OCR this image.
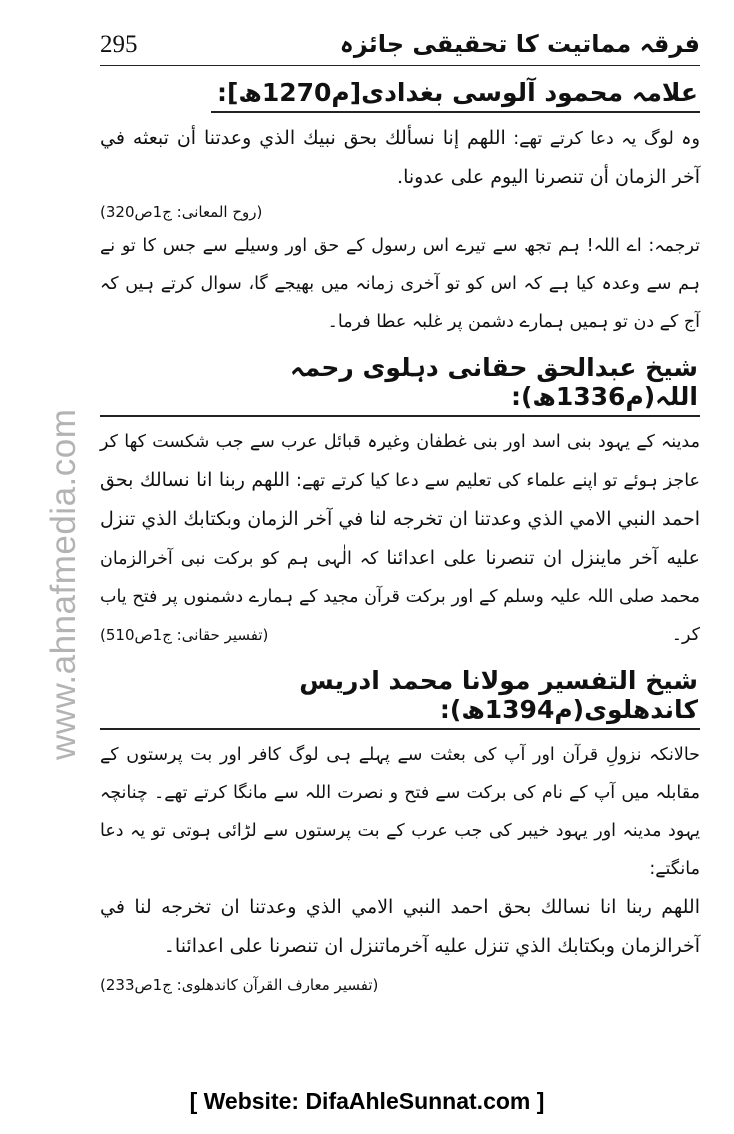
www.ahnafmedia.com
فرقہ مماتیت کا تحقیقی جائزہ
295
علامہ محمود آلوسی بغدادی[م1270ھ]:
وہ لوگ یہ دعا کرتے تھے: اللهم إنا نسألك بحق نبيك الذي وعدتنا أن تبعثه في آخر الزمان أن تنصرنا اليوم على عدونا.
(روح المعانی: ج1ص320)
ترجمہ: اے اللہ! ہم تجھ سے تیرے اس رسول کے حق اور وسیلے سے جس کا تو نے ہم سے وعدہ کیا ہے کہ اس کو تو آخری زمانہ میں بھیجے گا، سوال کرتے ہیں کہ آج کے دن تو ہمیں ہمارے دشمن پر غلبہ عطا فرما۔
شیخ عبدالحق حقانی دہلوی رحمہ اللہ(م1336ھ):
مدینہ کے یہود بنی اسد اور بنی غطفان وغیرہ قبائل عرب سے جب شکست کھا کر عاجز ہوئے تو اپنے علماء کی تعلیم سے دعا کیا کرتے تھے: اللهم ربنا انا نسالك بحق احمد النبي الامي الذي وعدتنا ان تخرجه لنا في آخر الزمان وبكتابك الذي تنزل عليه آخر ماينزل ان تنصرنا على اعدائنا کہ الٰہی ہم کو برکت نبی آخرالزمان محمد صلی اللہ علیہ وسلم کے اور برکت قرآن مجید کے ہمارے دشمنوں پر فتح یاب کر۔
(تفسیر حقانی: ج1ص510)
شیخ التفسیر مولانا محمد ادریس کاندھلوی(م1394ھ):
حالانکہ نزولِ قرآن اور آپ کی بعثت سے پہلے ہی لوگ کافر اور بت پرستوں کے مقابلہ میں آپ کے نام کی برکت سے فتح و نصرت اللہ سے مانگا کرتے تھے۔ چنانچہ یہود مدینہ اور یہود خیبر کی جب عرب کے بت پرستوں سے لڑائی ہوتی تو یہ دعا مانگتے:
اللهم ربنا انا نسالك بحق احمد النبي الامي الذي وعدتنا ان تخرجه لنا في آخرالزمان وبكتابك الذي تنزل عليه آخرماتنزل ان تنصرنا على اعدائنا۔
(تفسیر معارف القرآن کاندھلوی: ج1ص233)
[ Website: DifaAhleSunnat.com ]
